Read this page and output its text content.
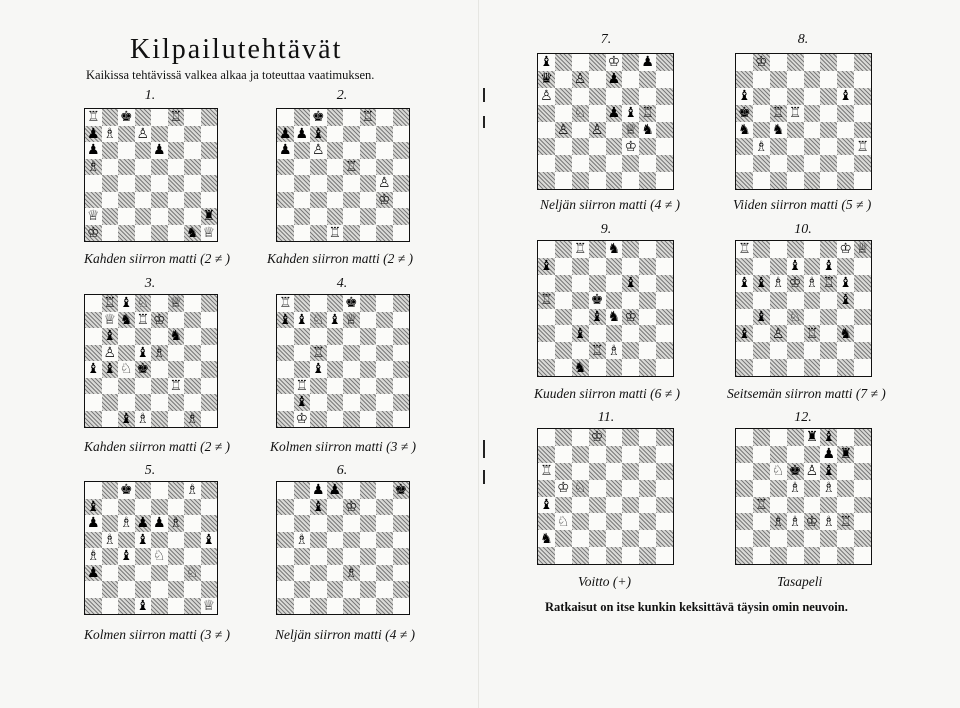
Kilpailutehtävät
Kaikissa tehtävissä valkea alkaa ja toteuttaa vaatimuksen.
1.
♖ ♚	♖
♟ ♗ ♙
♟	♟
♗
♕	♜
♔	♞ ♕
Kahden siirron matti (2 ≠ )
2.
♚	♖
♟ ♟ ♝
♟ ♙
♖
♙
♔
♖
Kahden siirron matti (2 ≠ )
3.
♖ ♝ ♘ ♕
♕ ♞ ♖ ♔
♝	♞
♙ ♝ ♗
♝ ♝ ♘ ♚
♖
♝ ♗	♗
Kahden siirron matti (2 ≠ )
4.
♖	♚
♝ ♝ ♘ ♝ ♕
♖
♝
♖
♝
♔
Kolmen siirron matti (3 ≠ )
5.
♚	♗
♝
♟ ♗ ♟ ♟ ♗
♗ ♝	♝
♗ ♝ ♘
♟	♘
♝	♕
Kolmen siirron matti (3 ≠ )
6.
♟ ♟	♚
♝ ♔
♗
♗
Neljän siirron matti (4 ≠ )
7.
♝	♔ ♟
♛ ♙ ♟
♙
♘ ♟ ♝ ♖
♙ ♙ ♕ ♞
♔
Neljän siirron matti (4 ≠ )
8.
♔
♝	♝
♚ ♖ ♖
♞ ♞
♗	♖
Viiden siirron matti (5 ≠ )
9.
♖ ♞
♝
♝
♖	♚
♝ ♞ ♔
♝
♖ ♗
♞
Kuuden siirron matti (6 ≠ )
10.
♖	♔ ♕
♝ ♝
♝ ♝ ♗ ♔ ♗ ♖ ♝
♝
♝ ♘
♝ ♙ ♖ ♞
Seitsemän siirron matti (7 ≠ )
11.
♔
♖
♔ ♘
♝
♘
♞
Voitto (+)
12.
♜ ♝
♟ ♜
♘ ♚ ♙ ♝
♗ ♗
♖
♗ ♗ ♔ ♗ ♖
Tasapeli
Ratkaisut on itse kunkin keksittävä täysin omin neuvoin.
